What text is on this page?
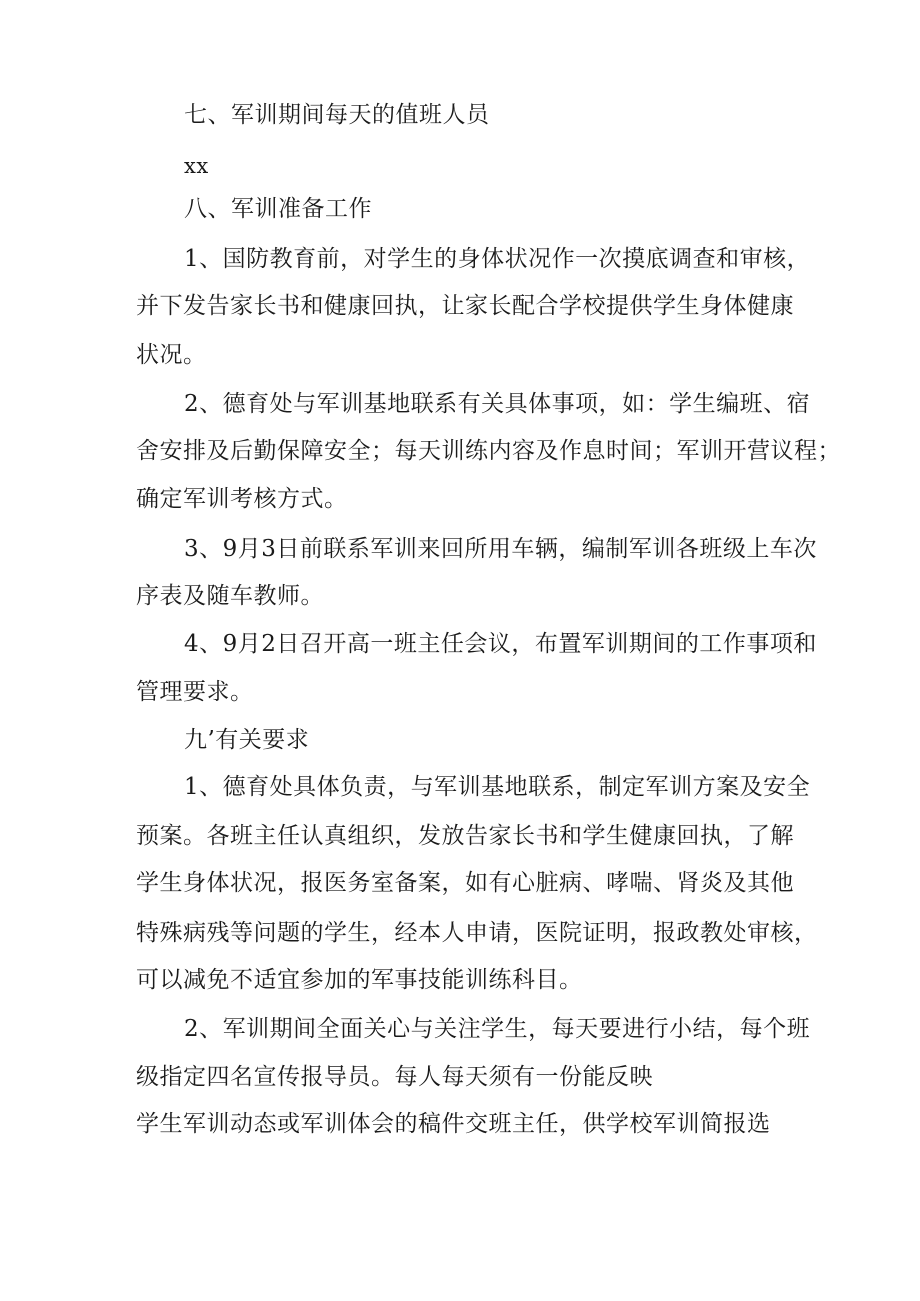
七、军训期间每天的值班人员
xx
八、军训准备工作
1、国防教育前，对学生的身体状况作一次摸底调查和审核，
并下发告家长书和健康回执，让家长配合学校提供学生身体健康
状况。
2、德育处与军训基地联系有关具体事项，如：学生编班、宿
舍安排及后勤保障安全；每天训练内容及作息时间；军训开营议程；
确定军训考核方式。
3、9月3日前联系军训来回所用车辆，编制军训各班级上车次
序表及随车教师。
4、9月2日召开高一班主任会议，布置军训期间的工作事项和
管理要求。
九’有关要求
1、德育处具体负责，与军训基地联系，制定军训方案及安全
预案。各班主任认真组织，发放告家长书和学生健康回执，了解
学生身体状况，报医务室备案，如有心脏病、哮喘、肾炎及其他
特殊病残等问题的学生，经本人申请，医院证明，报政教处审核，
可以减免不适宜参加的军事技能训练科目。
2、军训期间全面关心与关注学生，每天要进行小结，每个班
级指定四名宣传报导员。每人每天须有一份能反映
学生军训动态或军训体会的稿件交班主任，供学校军训简报选
